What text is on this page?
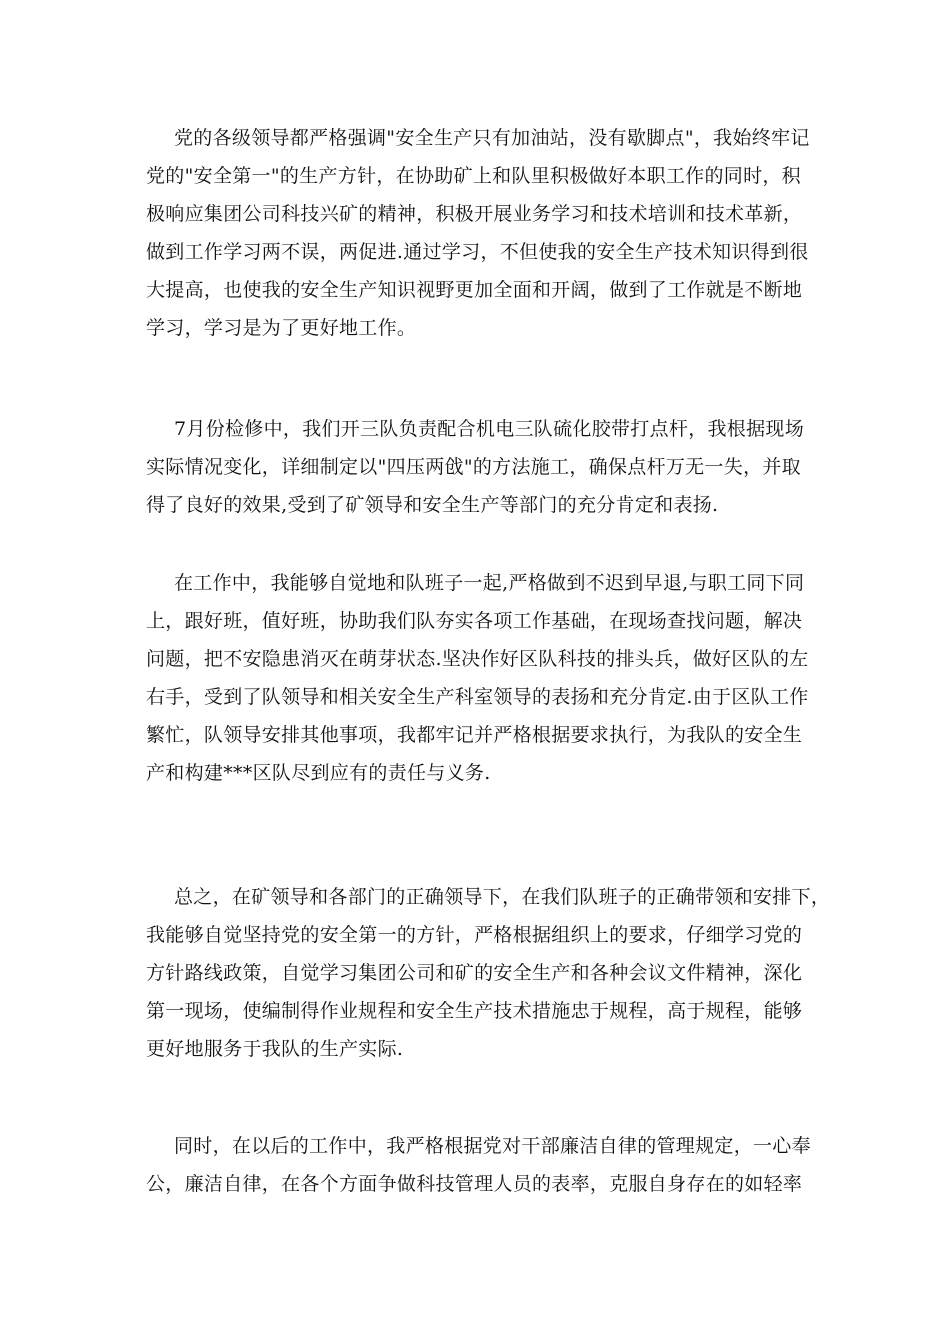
党的各级领导都严格强调"安全生产只有加油站，没有歇脚点"，我始终牢记
党的"安全第一"的生产方针，在协助矿上和队里积极做好本职工作的同时，积
极响应集团公司科技兴矿的精神，积极开展业务学习和技术培训和技术革新，
做到工作学习两不误，两促进.通过学习，不但使我的安全生产技术知识得到很
大提高，也使我的安全生产知识视野更加全面和开阔，做到了工作就是不断地
学习，学习是为了更好地工作。
7月份检修中，我们开三队负责配合机电三队硫化胶带打点杆，我根据现场
实际情况变化，详细制定以"四压两戗"的方法施工，确保点杆万无一失，并取
得了良好的效果,受到了矿领导和安全生产等部门的充分肯定和表扬.
在工作中，我能够自觉地和队班子一起,严格做到不迟到早退,与职工同下同
上，跟好班，值好班，协助我们队夯实各项工作基础，在现场查找问题，解决
问题，把不安隐患消灭在萌芽状态.坚决作好区队科技的排头兵，做好区队的左
右手，受到了队领导和相关安全生产科室领导的表扬和充分肯定.由于区队工作
繁忙，队领导安排其他事项，我都牢记并严格根据要求执行，为我队的安全生
产和构建***区队尽到应有的责任与义务.
总之，在矿领导和各部门的正确领导下，在我们队班子的正确带领和安排下，
我能够自觉坚持党的安全第一的方针，严格根据组织上的要求，仔细学习党的
方针路线政策，自觉学习集团公司和矿的安全生产和各种会议文件精神，深化
第一现场，使编制得作业规程和安全生产技术措施忠于规程，高于规程，能够
更好地服务于我队的生产实际.
同时，在以后的工作中，我严格根据党对干部廉洁自律的管理规定，一心奉
公，廉洁自律，在各个方面争做科技管理人员的表率，克服自身存在的如轻率
